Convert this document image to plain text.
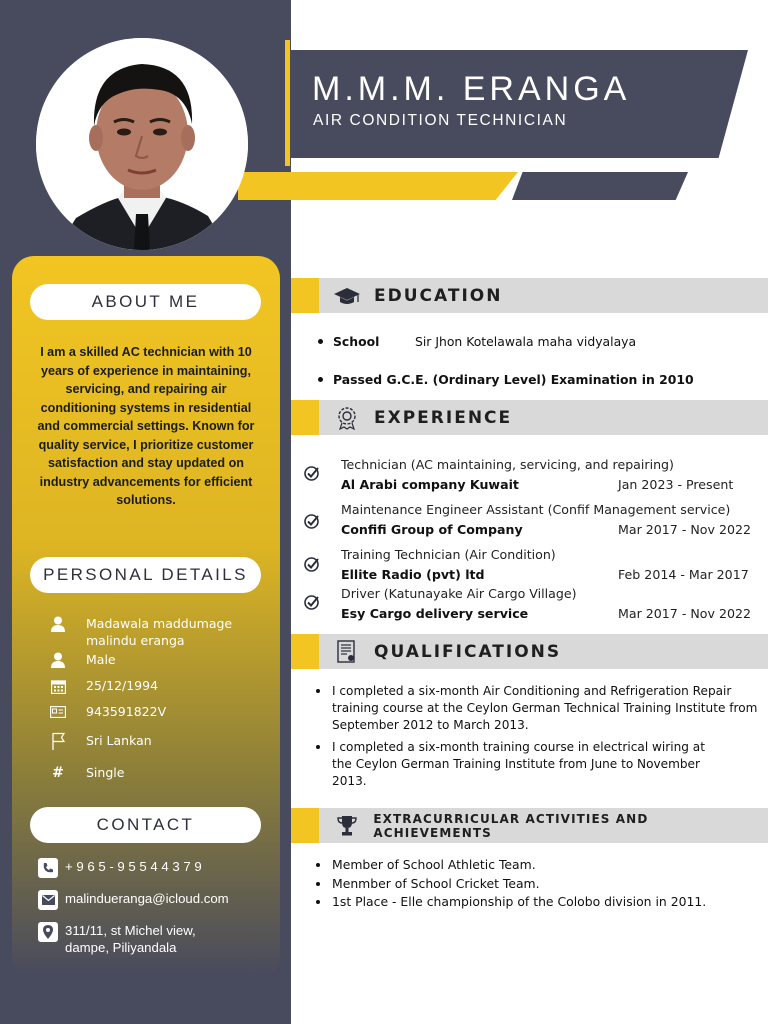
M.M.M. ERANGA
AIR CONDITION TECHNICIAN
ABOUT ME
I am a skilled AC technician with 10 years of experience in maintaining, servicing, and repairing air conditioning systems in residential and commercial settings. Known for quality service, I prioritize customer satisfaction and stay updated on industry advancements for efficient solutions.
PERSONAL DETAILS
Madawala maddumage malindu eranga
Male
25/12/1994
943591822V
Sri Lankan
#	Single
CONTACT
+ 9 6 5 - 9 5 5 4 4 3 7 9
malindueranga@icloud.com
311/11, st Michel view, dampe, Piliyandala
EDUCATION
School	Sir Jhon Kotelawala maha vidyalaya
Passed G.C.E. (Ordinary Level) Examination in 2010
EXPERIENCE
Technician (AC maintaining, servicing, and repairing)
Al Arabi company Kuwait	Jan 2023 - Present
Maintenance Engineer Assistant (Confif Management service)
Confifi Group of Company	Mar 2017 - Nov 2022
Training Technician (Air Condition)
Ellite Radio (pvt) ltd	Feb 2014 - Mar 2017
Driver (Katunayake Air Cargo Village)
Esy Cargo delivery service	Mar 2017 - Nov 2022
QUALIFICATIONS
I completed a six-month Air Conditioning and Refrigeration Repair training course at the Ceylon German Technical Training Institute from September 2012 to March 2013.
I completed a six-month training course in electrical wiring at the Ceylon German Training Institute from June to November 2013.
EXTRACURRICULAR ACTIVITIES AND ACHIEVEMENTS
Member of School Athletic Team.
Menmber of School Cricket Team.
1st Place - Elle championship of the Colobo division in 2011.
